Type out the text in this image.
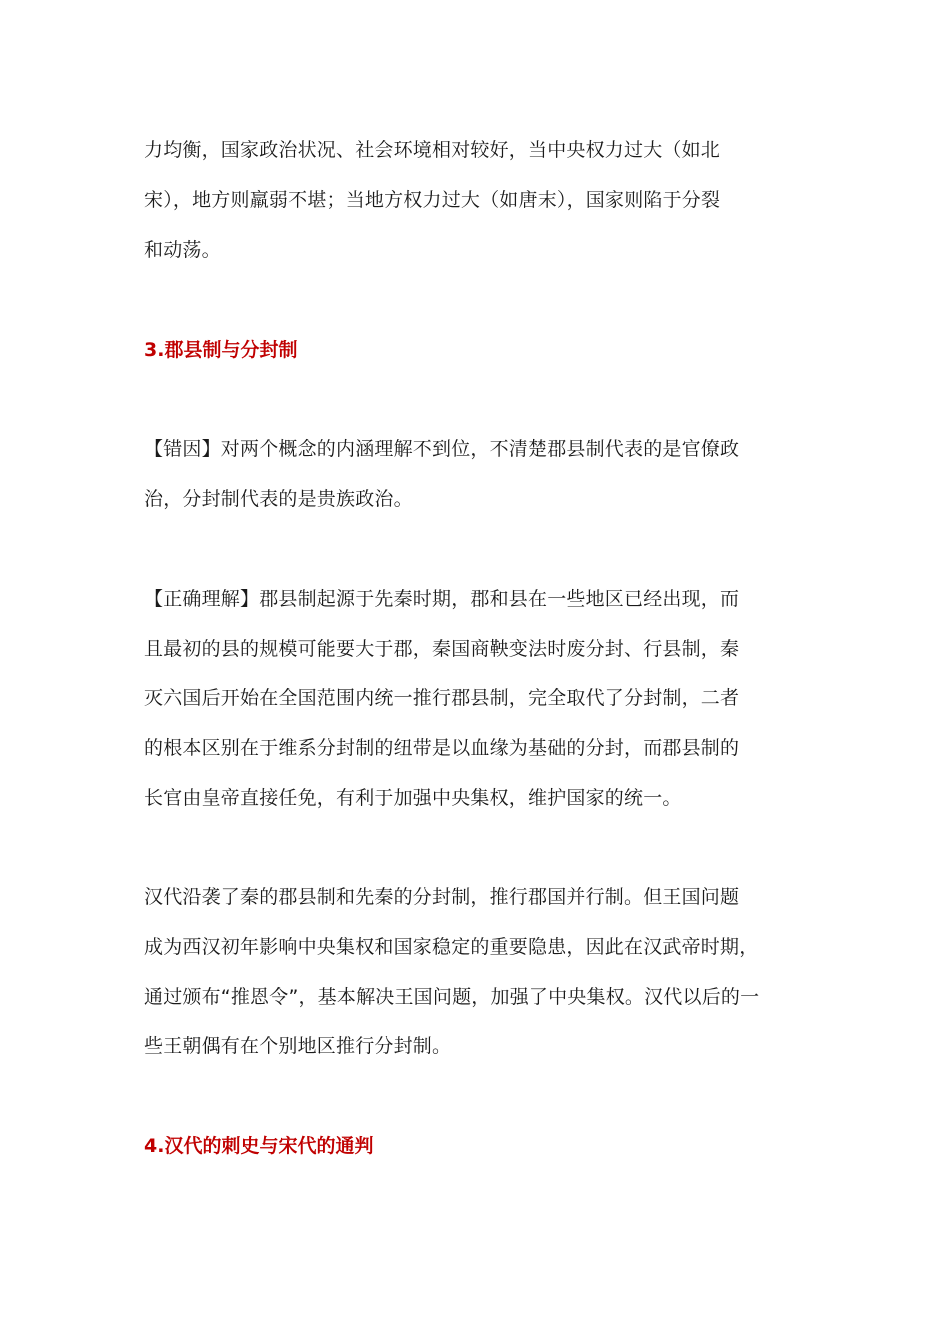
力均衡，国家政治状况、社会环境相对较好，当中央权力过大（如北
宋），地方则羸弱不堪；当地方权力过大（如唐末），国家则陷于分裂
和动荡。
3.郡县制与分封制
【错因】对两个概念的内涵理解不到位，不清楚郡县制代表的是官僚政
治，分封制代表的是贵族政治。
【正确理解】郡县制起源于先秦时期，郡和县在一些地区已经出现，而
且最初的县的规模可能要大于郡，秦国商鞅变法时废分封、行县制，秦
灭六国后开始在全国范围内统一推行郡县制，完全取代了分封制，二者
的根本区别在于维系分封制的纽带是以血缘为基础的分封，而郡县制的
长官由皇帝直接任免，有利于加强中央集权，维护国家的统一。
汉代沿袭了秦的郡县制和先秦的分封制，推行郡国并行制。但王国问题
成为西汉初年影响中央集权和国家稳定的重要隐患，因此在汉武帝时期，
通过颁布“推恩令”，基本解决王国问题，加强了中央集权。汉代以后的一
些王朝偶有在个别地区推行分封制。
4.汉代的刺史与宋代的通判
